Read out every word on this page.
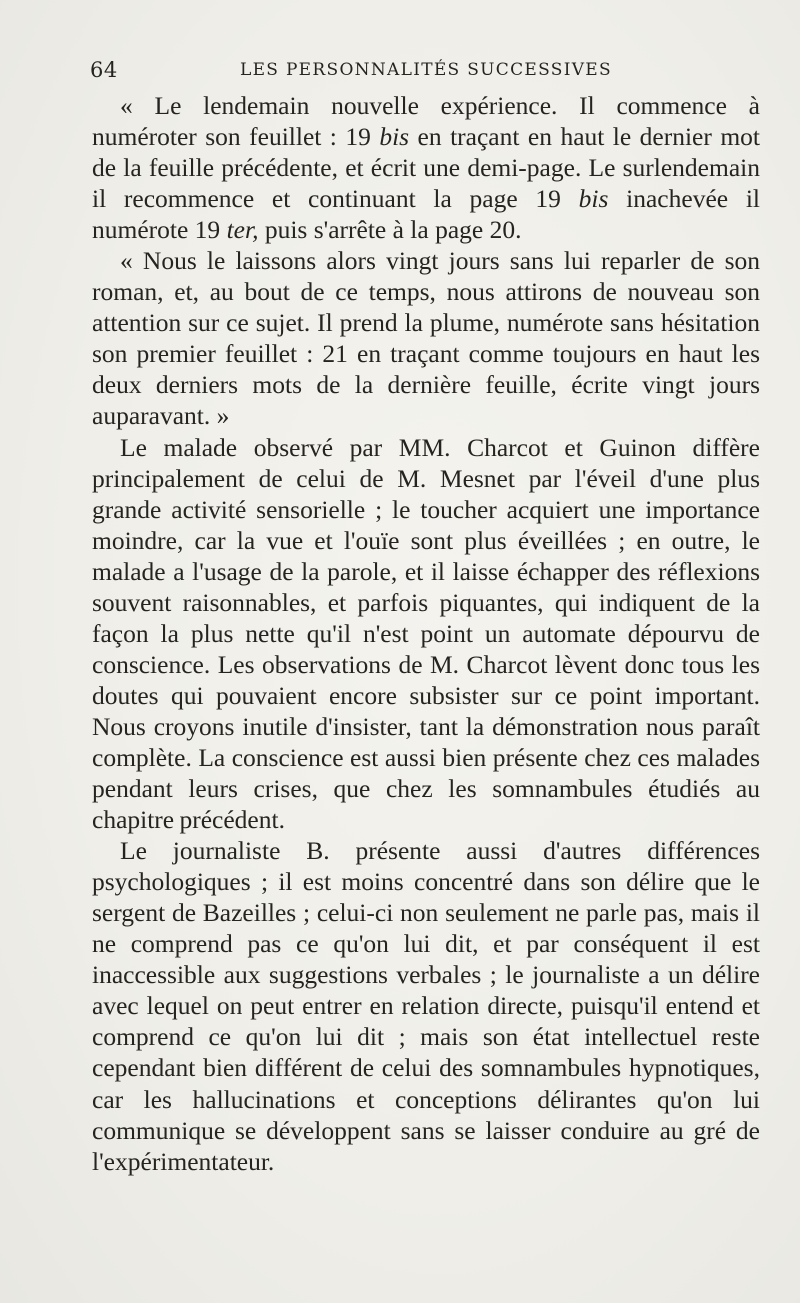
64	LES PERSONNALITÉS SUCCESSIVES

« Le lendemain nouvelle expérience. Il commence à numéroter son feuillet : 19 bis en traçant en haut le dernier mot de la feuille précédente, et écrit une demi-page. Le surlendemain il recommence et continuant la page 19 bis inachevée il numérote 19 ter, puis s'arrête à la page 20.

« Nous le laissons alors vingt jours sans lui reparler de son roman, et, au bout de ce temps, nous attirons de nouveau son attention sur ce sujet. Il prend la plume, numérote sans hésitation son premier feuillet : 21 en traçant comme toujours en haut les deux derniers mots de la dernière feuille, écrite vingt jours auparavant. »

Le malade observé par MM. Charcot et Guinon diffère principalement de celui de M. Mesnet par l'éveil d'une plus grande activité sensorielle ; le toucher acquiert une importance moindre, car la vue et l'ouïe sont plus éveillées ; en outre, le malade a l'usage de la parole, et il laisse échapper des réflexions souvent raisonnables, et parfois piquantes, qui indiquent de la façon la plus nette qu'il n'est point un automate dépourvu de conscience. Les observations de M. Charcot lèvent donc tous les doutes qui pouvaient encore subsister sur ce point important. Nous croyons inutile d'insister, tant la démonstration nous paraît complète. La conscience est aussi bien présente chez ces malades pendant leurs crises, que chez les somnambules étudiés au chapitre précédent.

Le journaliste B. présente aussi d'autres différences psychologiques ; il est moins concentré dans son délire que le sergent de Bazeilles ; celui-ci non seulement ne parle pas, mais il ne comprend pas ce qu'on lui dit, et par conséquent il est inaccessible aux suggestions verbales ; le journaliste a un délire avec lequel on peut entrer en relation directe, puisqu'il entend et comprend ce qu'on lui dit ; mais son état intellectuel reste cependant bien différent de celui des somnambules hypnotiques, car les hallucinations et conceptions délirantes qu'on lui communique se développent sans se laisser conduire au gré de l'expérimentateur.
